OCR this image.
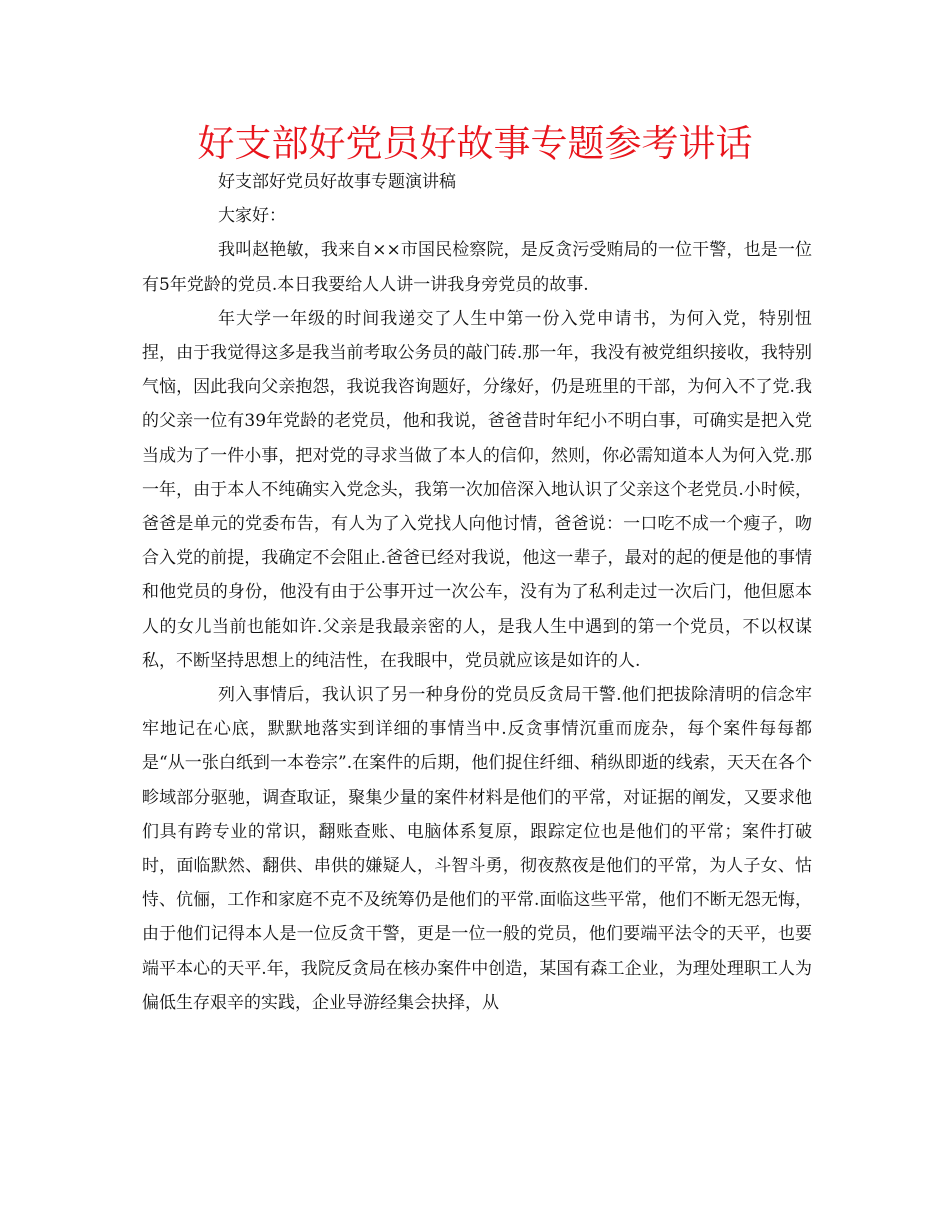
好支部好党员好故事专题参考讲话

好支部好党员好故事专题演讲稿

大家好：

我叫赵艳敏，我来自××市国民检察院，是反贪污受贿局的一位干警，也是一位有5年党龄的党员.本日我要给人人讲一讲我身旁党员的故事.

年大学一年级的时间我递交了人生中第一份入党申请书，为何入党，特别忸捏，由于我觉得这多是我当前考取公务员的敲门砖.那一年，我没有被党组织接收，我特别气恼，因此我向父亲抱怨，我说我咨询题好，分缘好，仍是班里的干部，为何入不了党.我的父亲一位有39年党龄的老党员，他和我说，爸爸昔时年纪小不明白事，可确实是把入党当成为了一件小事，把对党的寻求当做了本人的信仰，然则，你必需知道本人为何入党.那一年，由于本人不纯确实入党念头，我第一次加倍深入地认识了父亲这个老党员.小时候，爸爸是单元的党委布告，有人为了入党找人向他讨情，爸爸说：一口吃不成一个瘦子，吻合入党的前提，我确定不会阻止.爸爸已经对我说，他这一辈子，最对的起的便是他的事情和他党员的身份，他没有由于公事开过一次公车，没有为了私利走过一次后门，他但愿本人的女儿当前也能如许.父亲是我最亲密的人，是我人生中遇到的第一个党员，不以权谋私，不断坚持思想上的纯洁性，在我眼中，党员就应该是如许的人.

列入事情后，我认识了另一种身份的党员反贪局干警.他们把拔除清明的信念牢牢地记在心底，默默地落实到详细的事情当中.反贪事情沉重而庞杂，每个案件每每都是“从一张白纸到一本卷宗”.在案件的后期，他们捉住纤细、稍纵即逝的线索，天天在各个畛域部分驱驰，调查取证，聚集少量的案件材料是他们的平常，对证据的阐发，又要求他们具有跨专业的常识，翻账查账、电脑体系复原，跟踪定位也是他们的平常；案件打破时，面临默然、翻供、串供的嫌疑人，斗智斗勇，彻夜熬夜是他们的平常，为人子女、怙恃、伉俪，工作和家庭不克不及统筹仍是他们的平常.面临这些平常，他们不断无怨无悔，由于他们记得本人是一位反贪干警，更是一位一般的党员，他们要端平法令的天平，也要端平本心的天平.年，我院反贪局在核办案件中创造，某国有森工企业，为理处理职工人为偏低生存艰辛的实践，企业导游经集会抉择，从
